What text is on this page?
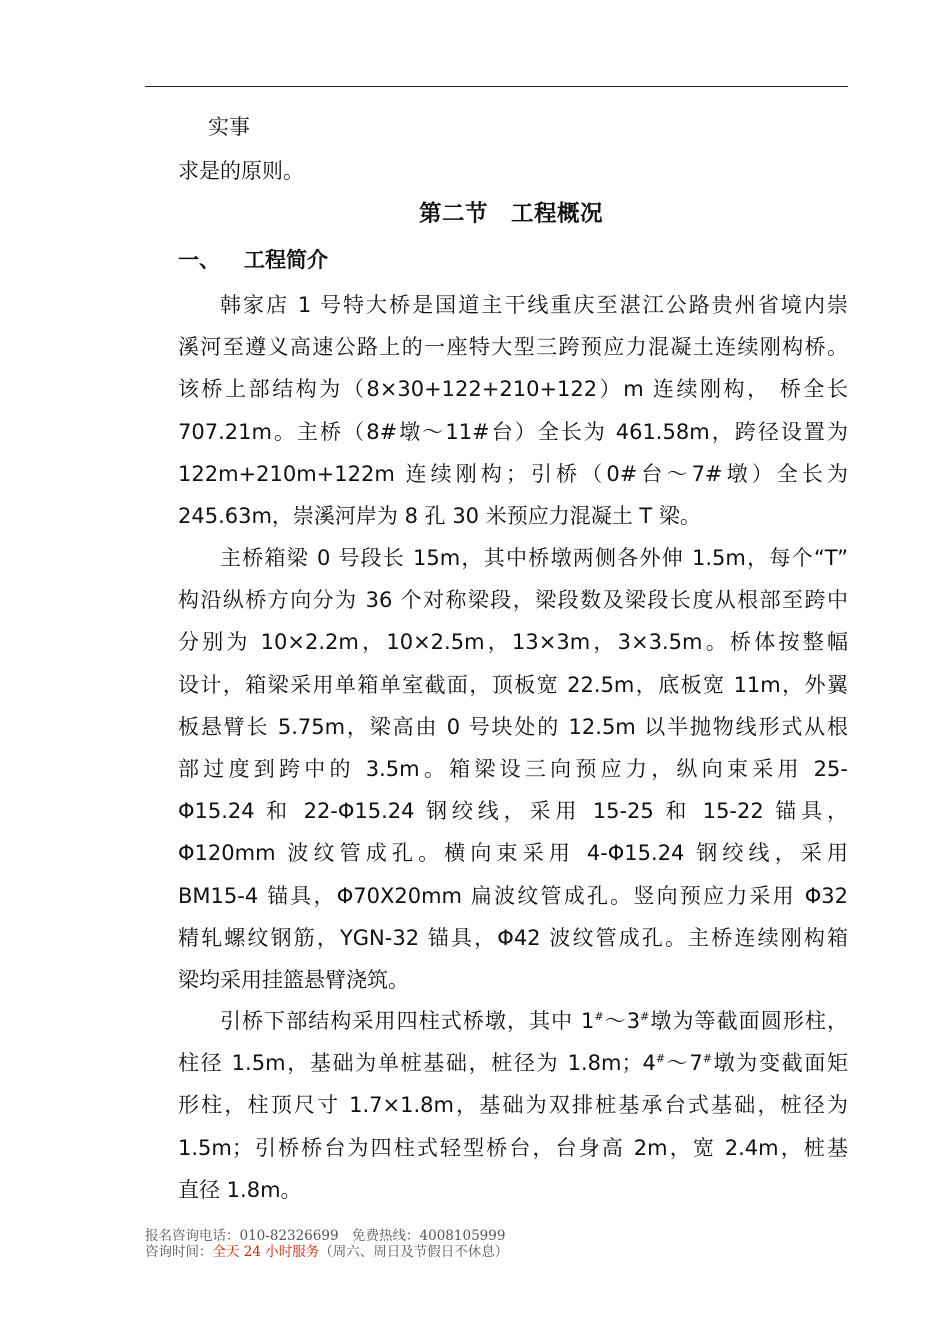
实事
求是的原则。
第二节　工程概况
一、 工程简介
韩家店 1 号特大桥是国道主干线重庆至湛江公路贵州省境内崇
溪河至遵义高速公路上的一座特大型三跨预应力混凝土连续刚构桥。
该桥上部结构为（8×30+122+210+122）m 连续刚构， 桥全长
707.21m。主桥（8#墩～11#台）全长为 461.58m，跨径设置为
122m+210m+122m 连续刚构；引桥（0#台～7#墩）全长为
245.63m，崇溪河岸为 8 孔 30 米预应力混凝土 T 梁。
主桥箱梁 0 号段长 15m，其中桥墩两侧各外伸 1.5m，每个“T”
构沿纵桥方向分为 36 个对称梁段，梁段数及梁段长度从根部至跨中
分别为 10×2.2m，10×2.5m，13×3m，3×3.5m。桥体按整幅
设计，箱梁采用单箱单室截面，顶板宽 22.5m，底板宽 11m，外翼
板悬臂长 5.75m，梁高由 0 号块处的 12.5m 以半抛物线形式从根
部过度到跨中的 3.5m。箱梁设三向预应力，纵向束采用 25-
Φ15.24 和 22-Φ15.24 钢绞线，采用 15-25 和 15-22 锚具，
Φ120mm 波纹管成孔。横向束采用 4-Φ15.24 钢绞线，采用
BM15-4 锚具，Φ70X20mm 扁波纹管成孔。竖向预应力采用 Φ32
精轧螺纹钢筋，YGN-32 锚具，Φ42 波纹管成孔。主桥连续刚构箱
梁均采用挂篮悬臂浇筑。
引桥下部结构采用四柱式桥墩，其中 1#～3#墩为等截面圆形柱，
柱径 1.5m，基础为单桩基础，桩径为 1.8m；4#～7#墩为变截面矩
形柱，柱顶尺寸 1.7×1.8m，基础为双排桩基承台式基础，桩径为
1.5m；引桥桥台为四柱式轻型桥台，台身高 2m，宽 2.4m，桩基
直径 1.8m。
报名咨询电话：010-82326699　免费热线：4008105999
咨询时间：全天 24 小时服务（周六、周日及节假日不休息）
